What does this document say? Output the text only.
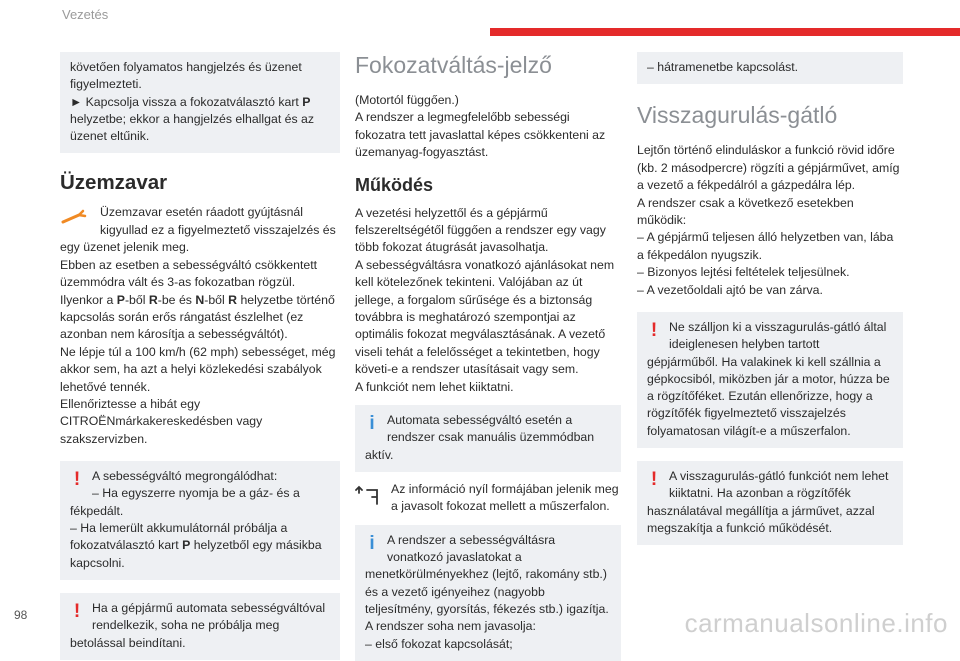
Vezetés

követően folyamatos hangjelzés és üzenet figyelmezteti.

► Kapcsolja vissza a fokozatválasztó kart P helyzetbe; ekkor a hangjelzés elhallgat és az üzenet eltűnik.

Üzemzavar

Üzemzavar esetén ráadott gyújtásnál kigyullad ez a figyelmeztető visszajelzés és egy üzenet jelenik meg.

Ebben az esetben a sebességváltó csökkentett üzemmódra vált és 3-as fokozatban rögzül.

Ilyenkor a P-ből R-be és N-ből R helyzetbe történő kapcsolás során erős rángatást észlelhet (ez azonban nem károsítja a sebességváltót).

Ne lépje túl a 100 km/h (62 mph) sebességet, még akkor sem, ha azt a helyi közlekedési szabályok lehetővé tennék.

Ellenőriztesse a hibát egy CITROËNmárkakereskedésben vagy szakszervizben.

! A sebességváltó megrongálódhat:

– Ha egyszerre nyomja be a gáz- és a fékpedált.

– Ha lemerült akkumulátornál próbálja a fokozatválasztó kart P helyzetből egy másikba kapcsolni.

! Ha a gépjármű automata sebességváltóval rendelkezik, soha ne próbálja meg betolással beindítani.

Fokozatváltás-jelző

(Motortól függően.)

A rendszer a legmegfelelőbb sebességi fokozatra tett javaslattal képes csökkenteni az üzemanyag-fogyasztást.

Működés

A vezetési helyzettől és a gépjármű felszereltségétől függően a rendszer egy vagy több fokozat átugrását javasolhatja.

A sebességváltásra vonatkozó ajánlásokat nem kell kötelezőnek tekinteni. Valójában az út jellege, a forgalom sűrűsége és a biztonság továbbra is meghatározó szempontjai az optimális fokozat megválasztásának. A vezető viseli tehát a felelősséget a tekintetben, hogy követi-e a rendszer utasításait vagy sem.

A funkciót nem lehet kiiktatni.

i	Automata sebességváltó esetén a rendszer csak manuális üzemmódban aktív.

Az információ nyíl formájában jelenik meg a javasolt fokozat mellett a műszerfalon.

i	A rendszer a sebességváltásra vonatkozó javaslatokat a menetkörülményekhez (lejtő, rakomány stb.) és a vezető igényeihez (nagyobb teljesítmény, gyorsítás, fékezés stb.) igazítja.

A rendszer soha nem javasolja:

– első fokozat kapcsolását;

– hátramenetbe kapcsolást.

Visszagurulás-gátló

Lejtőn történő elinduláskor a funkció rövid időre (kb. 2 másodpercre) rögzíti a gépjárművet, amíg a vezető a fékpedálról a gázpedálra lép.

A rendszer csak a következő esetekben működik:

– A gépjármű teljesen álló helyzetben van, lába a fékpedálon nyugszik.

– Bizonyos lejtési feltételek teljesülnek.

– A vezetőoldali ajtó be van zárva.

! Ne szálljon ki a visszagurulás-gátló által ideiglenesen helyben tartott gépjárműből. Ha valakinek ki kell szállnia a gépkocsiból, miközben jár a motor, húzza be a rögzítőféket. Ezután ellenőrizze, hogy a rögzítőfék figyelmeztető visszajelzés folyamatosan világít-e a műszerfalon.

! A visszagurulás-gátló funkciót nem lehet kiiktatni. Ha azonban a rögzítőfék használatával megállítja a járművet, azzal megszakítja a funkció működését.

98	carmanualsonline.info
